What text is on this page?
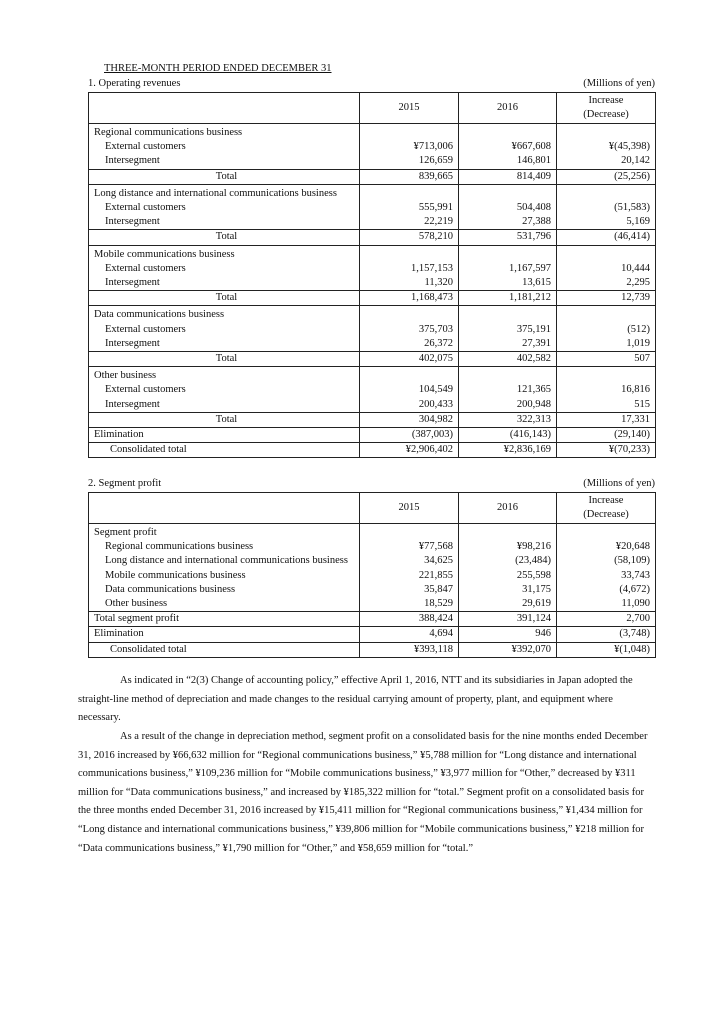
THREE-MONTH PERIOD ENDED DECEMBER 31
1. Operating revenues	(Millions of yen)
	2015	2016	Increase
(Decrease)

Regional communications business			
External customers	¥713,006	¥667,608	¥(45,398)
Intersegment	126,659	146,801	20,142
Total	839,665	814,409	(25,256)
Long distance and international communications business			
External customers	555,991	504,408	(51,583)
Intersegment	22,219	27,388	5,169
Total	578,210	531,796	(46,414)
Mobile communications business			
External customers	1,157,153	1,167,597	10,444
Intersegment	11,320	13,615	2,295
Total	1,168,473	1,181,212	12,739
Data communications business			
External customers	375,703	375,191	(512)
Intersegment	26,372	27,391	1,019
Total	402,075	402,582	507
Other business			
External customers	104,549	121,365	16,816
Intersegment	200,433	200,948	515
Total	304,982	322,313	17,331
Elimination	(387,003)	(416,143)	(29,140)
Consolidated total	¥2,906,402	¥2,836,169	¥(70,233)
2. Segment profit	(Millions of yen)
	2015	2016	Increase
(Decrease)

Segment profit			
Regional communications business	¥77,568	¥98,216	¥20,648
Long distance and international communications business	34,625	(23,484)	(58,109)
Mobile communications business	221,855	255,598	33,743
Data communications business	35,847	31,175	(4,672)
Other business	18,529	29,619	11,090
Total segment profit	388,424	391,124	2,700
Elimination	4,694	946	(3,748)
Consolidated total	¥393,118	¥392,070	¥(1,048)
As indicated in “2(3) Change of accounting policy,” effective April 1, 2016, NTT and its subsidiaries in Japan adopted the straight-line method of depreciation and made changes to the residual carrying amount of property, plant, and equipment where necessary.
As a result of the change in depreciation method, segment profit on a consolidated basis for the nine months ended December 31, 2016 increased by ¥66,632 million for “Regional communications business,” ¥5,788 million for “Long distance and international communications business,” ¥109,236 million for “Mobile communications business,” ¥3,977 million for “Other,” decreased by ¥311 million for “Data communications business,” and increased by ¥185,322 million for “total.” Segment profit on a consolidated basis for the three months ended December 31, 2016 increased by ¥15,411 million for “Regional communications business,” ¥1,434 million for “Long distance and international communications business,” ¥39,806 million for “Mobile communications business,” ¥218 million for “Data communications business,” ¥1,790 million for “Other,” and ¥58,659 million for “total.”
